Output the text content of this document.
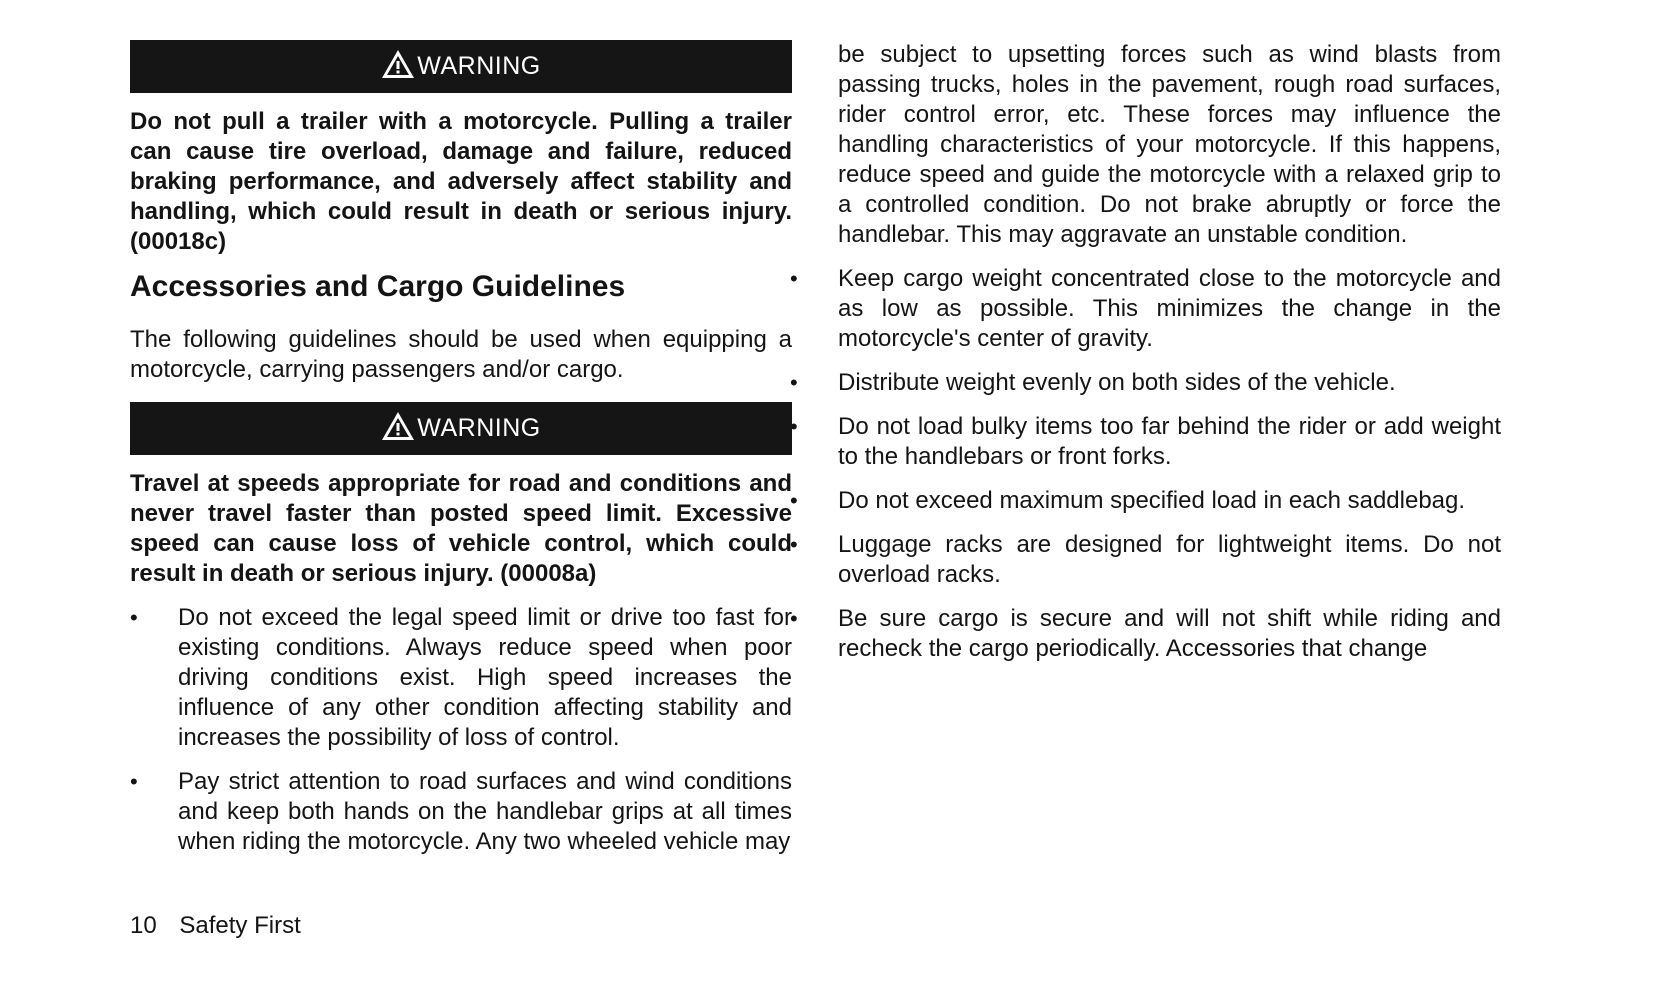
WARNING

Do not pull a trailer with a motorcycle. Pulling a trailer can cause tire overload, damage and failure, reduced braking performance, and adversely affect stability and handling, which could result in death or serious injury. (00018c)

Accessories and Cargo Guidelines

The following guidelines should be used when equipping a motorcycle, carrying passengers and/or cargo.

WARNING

Travel at speeds appropriate for road and conditions and never travel faster than posted speed limit. Excessive speed can cause loss of vehicle control, which could result in death or serious injury. (00008a)

• Do not exceed the legal speed limit or drive too fast for existing conditions. Always reduce speed when poor driving conditions exist. High speed increases the influence of any other condition affecting stability and increases the possibility of loss of control.
• Pay strict attention to road surfaces and wind conditions and keep both hands on the handlebar grips at all times when riding the motorcycle. Any two wheeled vehicle may

be subject to upsetting forces such as wind blasts from passing trucks, holes in the pavement, rough road surfaces, rider control error, etc. These forces may influence the handling characteristics of your motorcycle. If this happens, reduce speed and guide the motorcycle with a relaxed grip to a controlled condition. Do not brake abruptly or force the handlebar. This may aggravate an unstable condition.

• Keep cargo weight concentrated close to the motorcycle and as low as possible. This minimizes the change in the motorcycle's center of gravity.
• Distribute weight evenly on both sides of the vehicle.
• Do not load bulky items too far behind the rider or add weight to the handlebars or front forks.
• Do not exceed maximum specified load in each saddlebag.
• Luggage racks are designed for lightweight items. Do not overload racks.
• Be sure cargo is secure and will not shift while riding and recheck the cargo periodically. Accessories that change
10 Safety First
